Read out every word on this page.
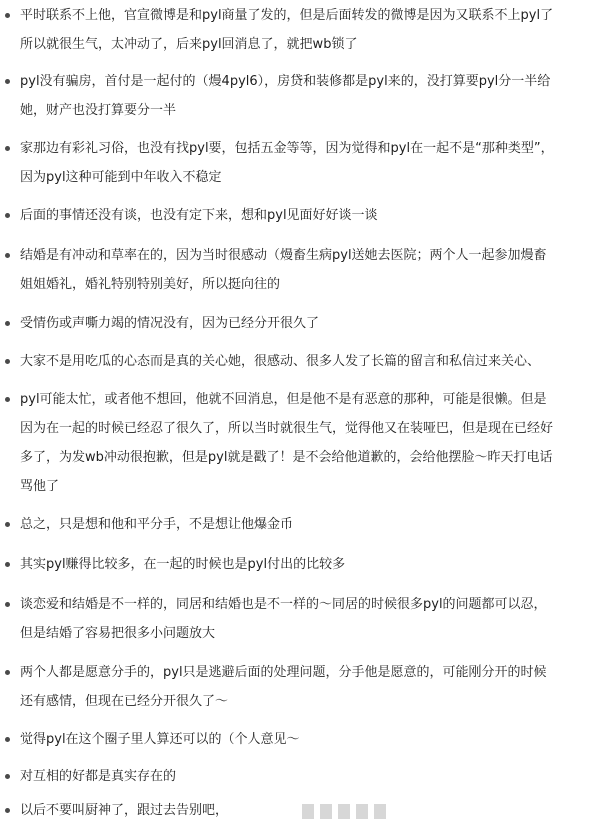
平时联系不上他，官宣微博是和pyl商量了发的，但是后面转发的微博是因为又联系不上pyl了
所以就很生气，太冲动了，后来pyl回消息了，就把wb锁了
pyl没有骗房，首付是一起付的（熳4pyl6），房贷和装修都是pyl来的，没打算要pyl分一半给
她，财产也没打算要分一半
家那边有彩礼习俗，也没有找pyl要，包括五金等等，因为觉得和pyl在一起不是“那种类型”，
因为pyl这种可能到中年收入不稳定
后面的事情还没有谈，也没有定下来，想和pyl见面好好谈一谈
结婚是有冲动和草率在的，因为当时很感动（熳畜生病pyl送她去医院；两个人一起参加熳畜
姐姐婚礼，婚礼特别特别美好，所以挺向往的
受情伤或声嘶力竭的情况没有，因为已经分开很久了
大家不是用吃瓜的心态而是真的关心她，很感动、很多人发了长篇的留言和私信过来关心、
pyl可能太忙，或者他不想回，他就不回消息，但是他不是有恶意的那种，可能是很懒。但是
因为在一起的时候已经忍了很久了，所以当时就很生气，觉得他又在装哑巴，但是现在已经好
多了，为发wb冲动很抱歉，但是pyl就是戳了！是不会给他道歉的，会给他摆脸～昨天打电话
骂他了
总之，只是想和他和平分手，不是想让他爆金币
其实pyl赚得比较多，在一起的时候也是pyl付出的比较多
谈恋爱和结婚是不一样的，同居和结婚也是不一样的～同居的时候很多pyl的问题都可以忍，
但是结婚了容易把很多小问题放大
两个人都是愿意分手的，pyl只是逃避后面的处理问题，分手他是愿意的，可能刚分开的时候
还有感情，但现在已经分开很久了～
觉得pyl在这个圈子里人算还可以的（个人意见～
对互相的好都是真实存在的
以后不要叫厨神了，跟过去告别吧，
